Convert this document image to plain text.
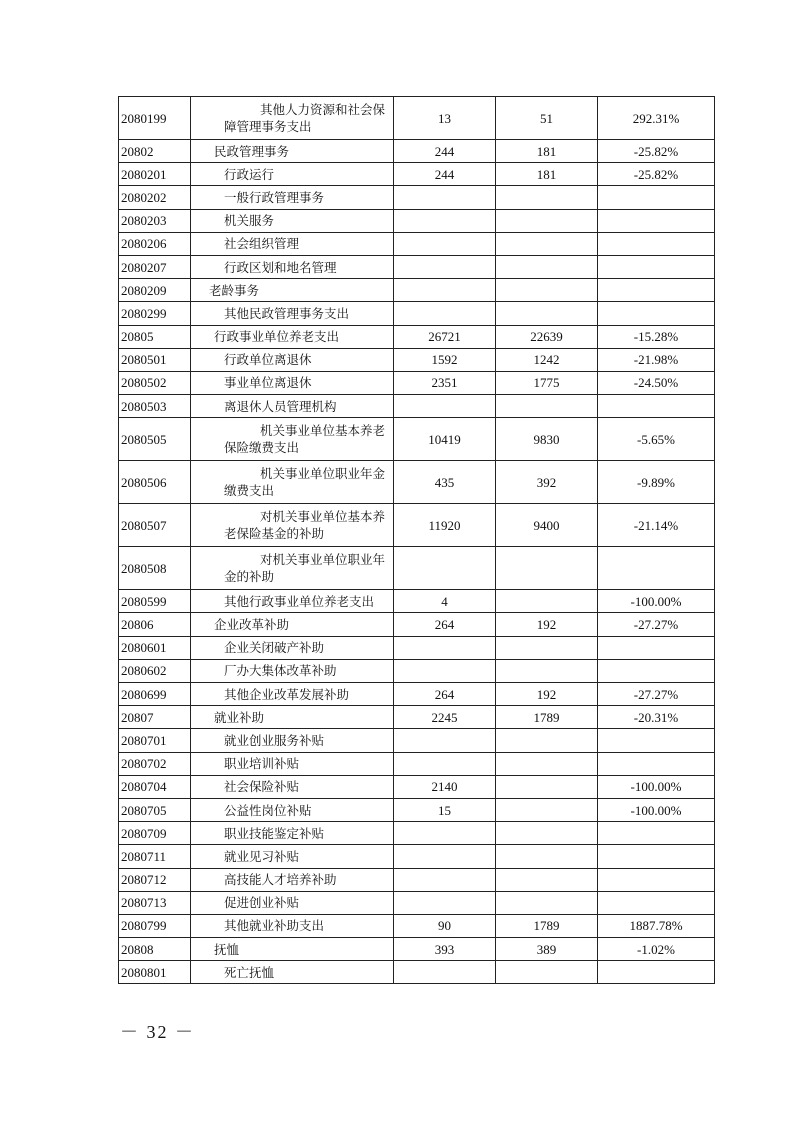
2080199	其他人力资源和社会保障管理事务支出	13	51	292.31%
20802	民政管理事务	244	181	-25.82%
2080201	行政运行	244	181	-25.82%
2080202	一般行政管理事务			
2080203	机关服务			
2080206	社会组织管理			
2080207	行政区划和地名管理			
2080209	老龄事务			
2080299	其他民政管理事务支出			
20805	行政事业单位养老支出	26721	22639	-15.28%
2080501	行政单位离退休	1592	1242	-21.98%
2080502	事业单位离退休	2351	1775	-24.50%
2080503	离退休人员管理机构			
2080505	机关事业单位基本养老保险缴费支出	10419	9830	-5.65%
2080506	机关事业单位职业年金缴费支出	435	392	-9.89%
2080507	对机关事业单位基本养老保险基金的补助	11920	9400	-21.14%
2080508	对机关事业单位职业年金的补助			
2080599	其他行政事业单位养老支出	4		-100.00%
20806	企业改革补助	264	192	-27.27%
2080601	企业关闭破产补助			
2080602	厂办大集体改革补助			
2080699	其他企业改革发展补助	264	192	-27.27%
20807	就业补助	2245	1789	-20.31%
2080701	就业创业服务补贴			
2080702	职业培训补贴			
2080704	社会保险补贴	2140		-100.00%
2080705	公益性岗位补贴	15		-100.00%
2080709	职业技能鉴定补贴			
2080711	就业见习补贴			
2080712	高技能人才培养补助			
2080713	促进创业补贴			
2080799	其他就业补助支出	90	1789	1887.78%
20808	抚恤	393	389	-1.02%
2080801	死亡抚恤			
－ 32 －
